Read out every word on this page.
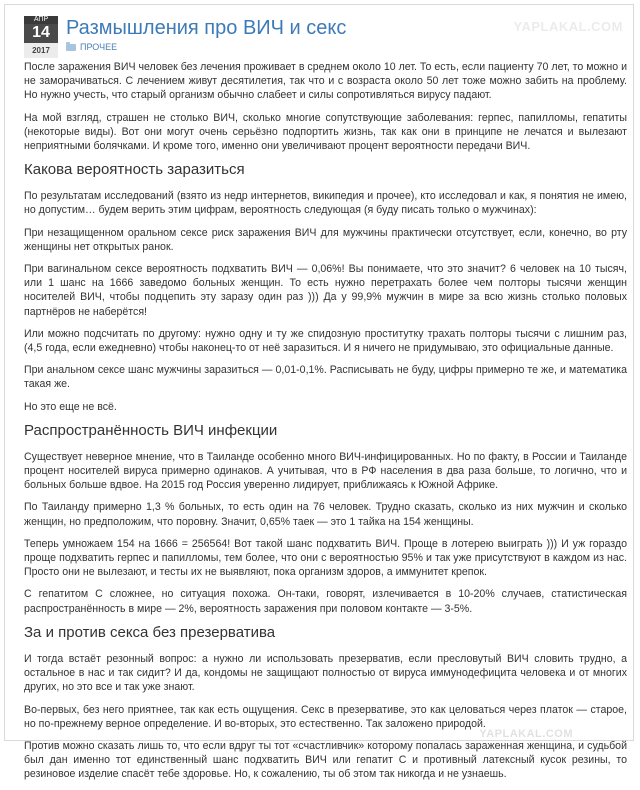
АПР
14
2017
Размышления про ВИЧ и секс
ПРОЧЕЕ
YAPLAKAL.COM

После заражения ВИЧ человек без лечения проживает в среднем около 10 лет. То есть, если пациенту 70 лет, то можно и не заморачиваться. С лечением живут десятилетия, так что и с возраста около 50 лет тоже можно забить на проблему. Но нужно учесть, что старый организм обычно слабеет и силы сопротивляться вирусу падают.

На мой взгляд, страшен не столько ВИЧ, сколько многие сопутствующие заболевания: герпес, папилломы, гепатиты (некоторые виды). Вот они могут очень серьёзно подпортить жизнь, так как они в принципе не лечатся и вылезают неприятными болячками. И кроме того, именно они увеличивают процент вероятности передачи ВИЧ.

Какова вероятность заразиться

По результатам исследований (взято из недр интернетов, википедия и прочее), кто исследовал и как, я понятия не имею, но допустим… будем верить этим цифрам, вероятность следующая (я буду писать только о мужчинах):

При незащищенном оральном сексе риск заражения ВИЧ для мужчины практически отсутствует, если, конечно, во рту женщины нет открытых ранок.

При вагинальном сексе вероятность подхватить ВИЧ — 0,06%! Вы понимаете, что это значит? 6 человек на 10 тысяч, или 1 шанс на 1666 заведомо больных женщин. То есть нужно перетрахать более чем полторы тысячи женщин носителей ВИЧ, чтобы подцепить эту заразу один раз ))) Да у 99,9% мужчин в мире за всю жизнь столько половых партнёров не наберётся!

Или можно подсчитать по другому: нужно одну и ту же спидозную проститутку трахать полторы тысячи с лишним раз, (4,5 года, если ежедневно) чтобы наконец-то от неё заразиться. И я ничего не придумываю, это официальные данные.

При анальном сексе шанс мужчины заразиться — 0,01-0,1%. Расписывать не буду, цифры примерно те же, и математика такая же.

Но это еще не всё.

Распространённость ВИЧ инфекции

Существует неверное мнение, что в Таиланде особенно много ВИЧ-инфицированных. Но по факту, в России и Таиланде процент носителей вируса примерно одинаков. А учитывая, что в РФ населения в два раза больше, то логично, что и больных больше вдвое. На 2015 год Россия уверенно лидирует, приближаясь к Южной Африке.

По Таиланду примерно 1,3 % больных, то есть один на 76 человек. Трудно сказать, сколько из них мужчин и сколько женщин, но предположим, что поровну. Значит, 0,65% таек — это 1 тайка на 154 женщины.

Теперь умножаем 154 на 1666 = 256564! Вот такой шанс подхватить ВИЧ. Проще в лотерею выиграть ))) И уж гораздо проще подхватить герпес и папилломы, тем более, что они с вероятностью 95% и так уже присутствуют в каждом из нас. Просто они не вылезают, и тесты их не выявляют, пока организм здоров, а иммунитет крепок.

С гепатитом С сложнее, но ситуация похожа. Он-таки, говорят, излечивается в 10-20% случаев, статистическая распространённость в мире — 2%, вероятность заражения при половом контакте — 3-5%.

За и против секса без презерватива

И тогда встаёт резонный вопрос: а нужно ли использовать презерватив, если пресловутый ВИЧ словить трудно, а остальное в нас и так сидит? И да, кондомы не защищают полностью от вируса иммунодефицита человека и от многих других, но это все и так уже знают.

Во-первых, без него приятнее, так как есть ощущения. Секс в презервативе, это как целоваться через платок — старое, но по-прежнему верное определение. И во-вторых, это естественно. Так заложено природой.

Против можно сказать лишь то, что если вдруг ты тот «счастливчик» которому попалась зараженная женщина, и судьбой был дан именно тот единственный шанс подхватить ВИЧ или гепатит С и противный латексный кусок резины, то резиновое изделие спасёт тебе здоровье. Но, к сожалению, ты об этом так никогда и не узнаешь.

YAPLAKAL.COM
